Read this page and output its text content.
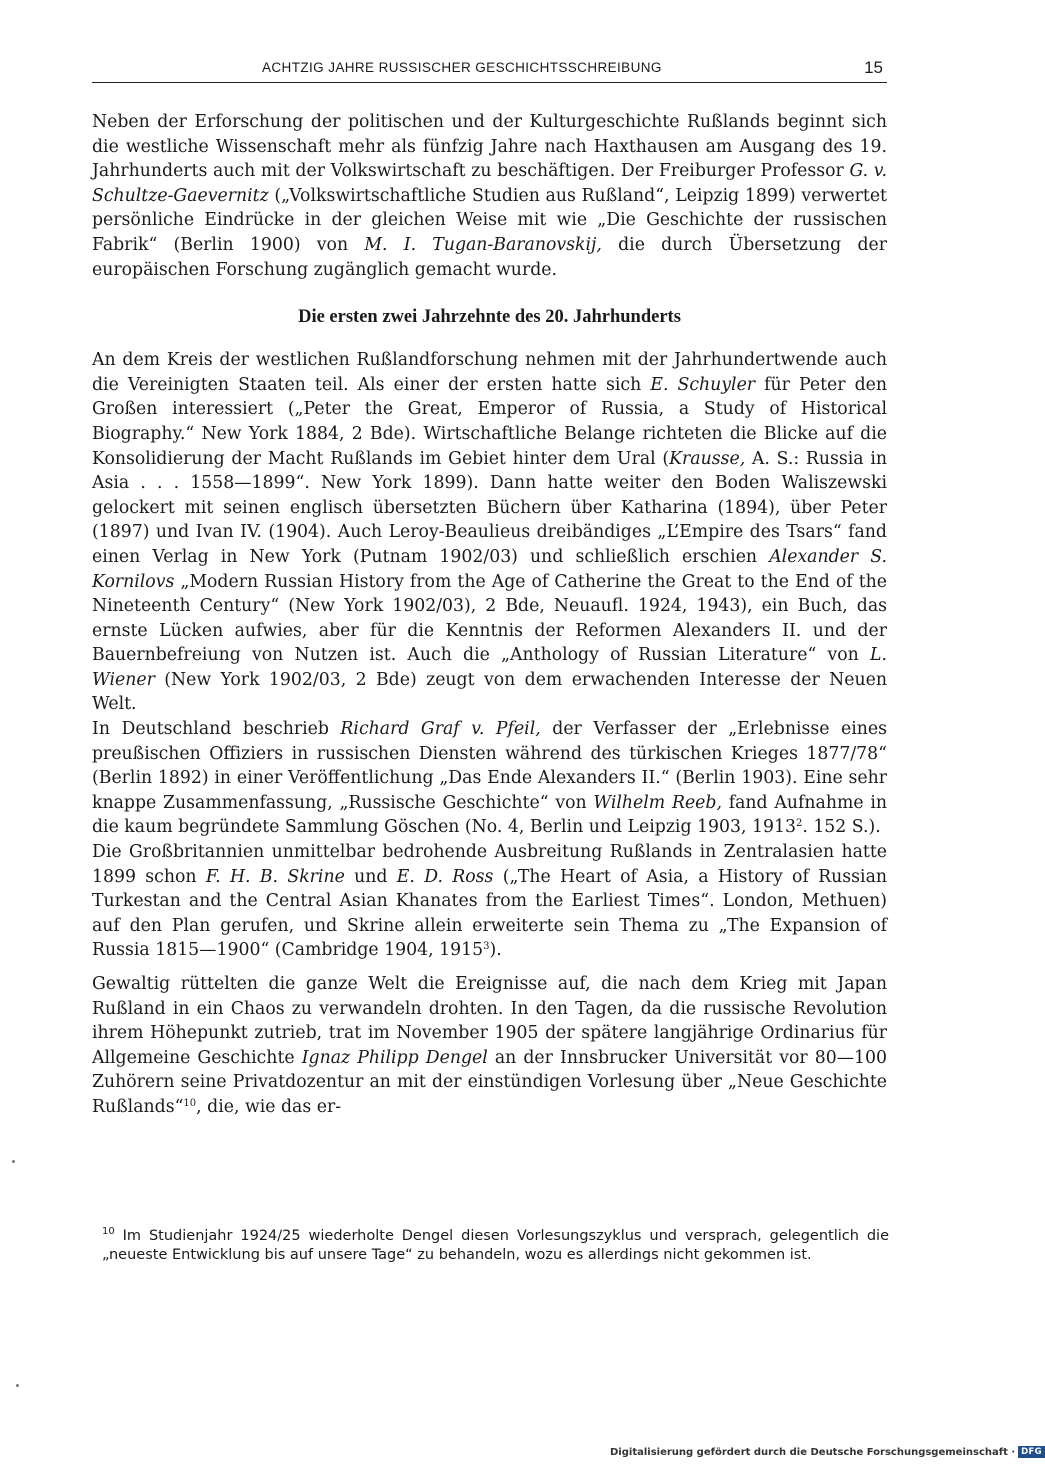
ACHTZIG JAHRE RUSSISCHER GESCHICHTSSCHREIBUNG	15

Neben der Erforschung der politischen und der Kulturgeschichte Rußlands beginnt sich die westliche Wissenschaft mehr als fünfzig Jahre nach Haxthausen am Ausgang des 19. Jahrhunderts auch mit der Volkswirtschaft zu beschäftigen. Der Freiburger Professor G. v. Schultze-Gaevernitz („Volkswirtschaftliche Studien aus Rußland“, Leipzig 1899) verwertet persönliche Eindrücke in der gleichen Weise mit wie „Die Geschichte der russischen Fabrik“ (Berlin 1900) von M. I. Tugan-Baranovskij, die durch Übersetzung der europäischen Forschung zugänglich gemacht wurde.

Die ersten zwei Jahrzehnte des 20. Jahrhunderts

An dem Kreis der westlichen Rußlandforschung nehmen mit der Jahrhundertwende auch die Vereinigten Staaten teil. Als einer der ersten hatte sich E. Schuyler für Peter den Großen interessiert („Peter the Great, Emperor of Russia, a Study of Historical Biography.“ New York 1884, 2 Bde). Wirtschaftliche Belange richteten die Blicke auf die Konsolidierung der Macht Rußlands im Gebiet hinter dem Ural (Krausse, A. S.: Russia in Asia . . . 1558—1899“. New York 1899). Dann hatte weiter den Boden Waliszewski gelockert mit seinen englisch übersetzten Büchern über Katharina (1894), über Peter (1897) und Ivan IV. (1904). Auch Leroy-Beaulieus dreibändiges „L’Empire des Tsars“ fand einen Verlag in New York (Putnam 1902/03) und schließlich erschien Alexander S. Kornilovs „Modern Russian History from the Age of Catherine the Great to the End of the Nineteenth Century“ (New York 1902/03), 2 Bde, Neuaufl. 1924, 1943), ein Buch, das ernste Lücken aufwies, aber für die Kenntnis der Reformen Alexanders II. und der Bauernbefreiung von Nutzen ist. Auch die „Anthology of Russian Literature“ von L. Wiener (New York 1902/03, 2 Bde) zeugt von dem erwachenden Interesse der Neuen Welt.

In Deutschland beschrieb Richard Graf v. Pfeil, der Verfasser der „Erlebnisse eines preußischen Offiziers in russischen Diensten während des türkischen Krieges 1877/78“ (Berlin 1892) in einer Veröffentlichung „Das Ende Alexanders II.“ (Berlin 1903). Eine sehr knappe Zusammenfassung, „Russische Geschichte“ von Wilhelm Reeb, fand Aufnahme in die kaum begründete Sammlung Göschen (No. 4, Berlin und Leipzig 1903, 1913$^2$. 152 S.).

Die Großbritannien unmittelbar bedrohende Ausbreitung Rußlands in Zentralasien hatte 1899 schon F. H. B. Skrine und E. D. Ross („The Heart of Asia, a History of Russian Turkestan and the Central Asian Khanates from the Earliest Times“. London, Methuen) auf den Plan gerufen, und Skrine allein erweiterte sein Thema zu „The Expansion of Russia 1815—1900“ (Cambridge 1904, 1915$^3$).

Gewaltig rüttelten die ganze Welt die Ereignisse auf, die nach dem Krieg mit Japan Rußland in ein Chaos zu verwandeln drohten. In den Tagen, da die russische Revolution ihrem Höhepunkt zutrieb, trat im November 1905 der spätere langjährige Ordinarius für Allgemeine Geschichte Ignaz Philipp Dengel an der Innsbrucker Universität vor 80—100 Zuhörern seine Privatdozentur an mit der einstündigen Vorlesung über „Neue Geschichte Rußlands“$^{10}$, die, wie das er-

$^{10}$ Im Studienjahr 1924/25 wiederholte Dengel diesen Vorlesungszyklus und versprach, gelegentlich die „neueste Entwicklung bis auf unsere Tage“ zu behandeln, wozu es allerdings nicht gekommen ist.

Digitalisierung gefördert durch die Deutsche Forschungsgemeinschaft · DFG
